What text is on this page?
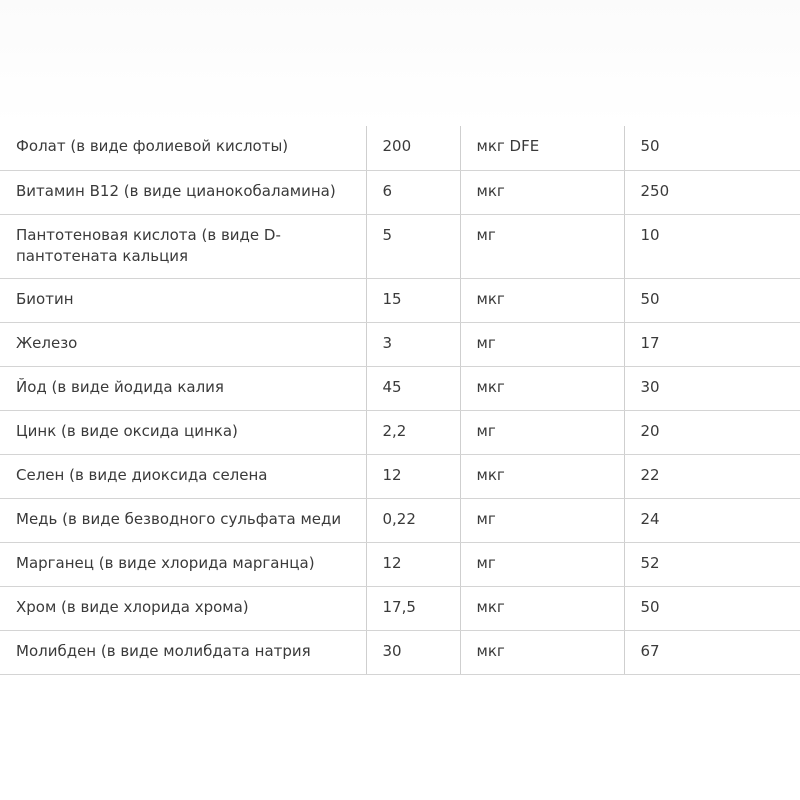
Фолат (в виде фолиевой кислоты)	200	мкг DFE	50
Витамин В12 (в виде цианокобаламина)	6	мкг	250
Пантотеновая кислота (в виде D-пантотената кальция	5	мг	10
Биотин	15	мкг	50
Железо	3	мг	17
Йод (в виде йодида калия	45	мкг	30
Цинк (в виде оксида цинка)	2,2	мг	20
Селен (в виде диоксида селена	12	мкг	22
Медь (в виде безводного сульфата меди	0,22	мг	24
Марганец (в виде хлорида марганца)	12	мг	52
Хром (в виде хлорида хрома)	17,5	мкг	50
Молибден (в виде молибдата натрия	30	мкг	67
